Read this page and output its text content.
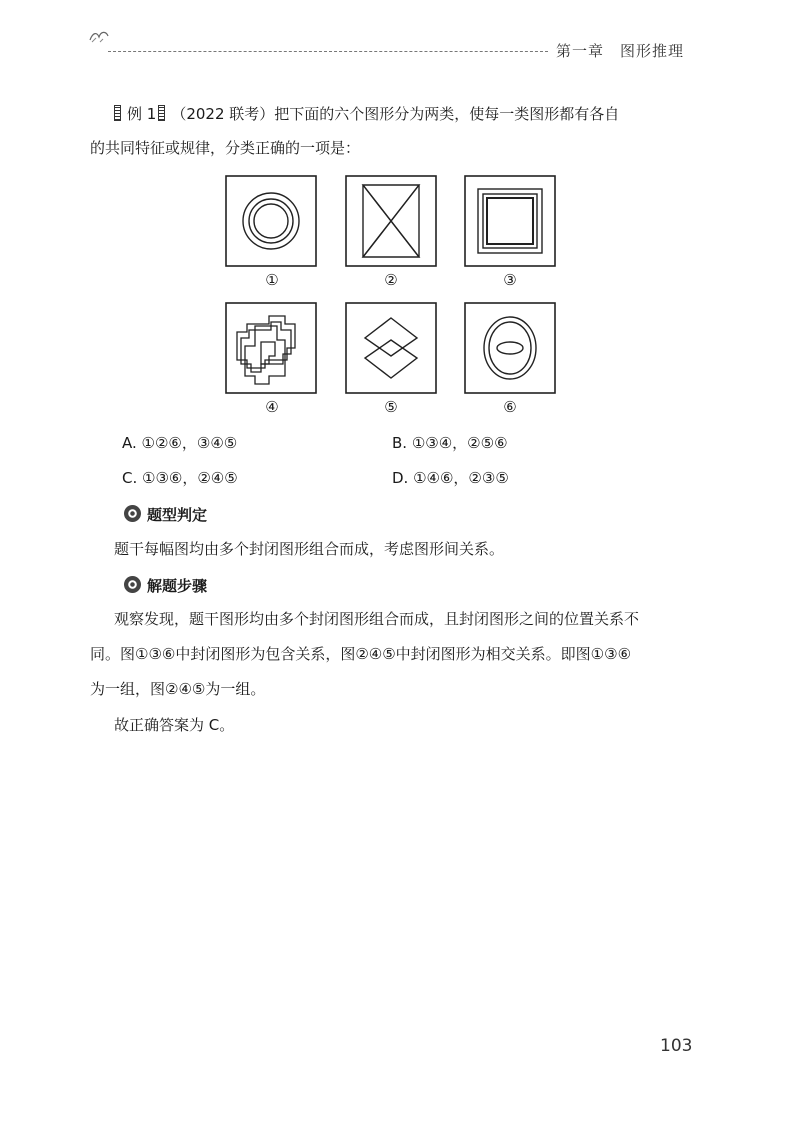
第一章　图形推理
例 1 （2022 联考）把下面的六个图形分为两类，使每一类图形都有各自
的共同特征或规律，分类正确的一项是：
①	②	③
④	⑤	⑥
A. ①②⑥，③④⑤	B. ①③④，②⑤⑥
C. ①③⑥，②④⑤	D. ①④⑥，②③⑤
题型判定
题干每幅图均由多个封闭图形组合而成，考虑图形间关系。
解题步骤
观察发现，题干图形均由多个封闭图形组合而成，且封闭图形之间的位置关系不
同。图①③⑥中封闭图形为包含关系，图②④⑤中封闭图形为相交关系。即图①③⑥
为一组，图②④⑤为一组。
故正确答案为 C。
103
